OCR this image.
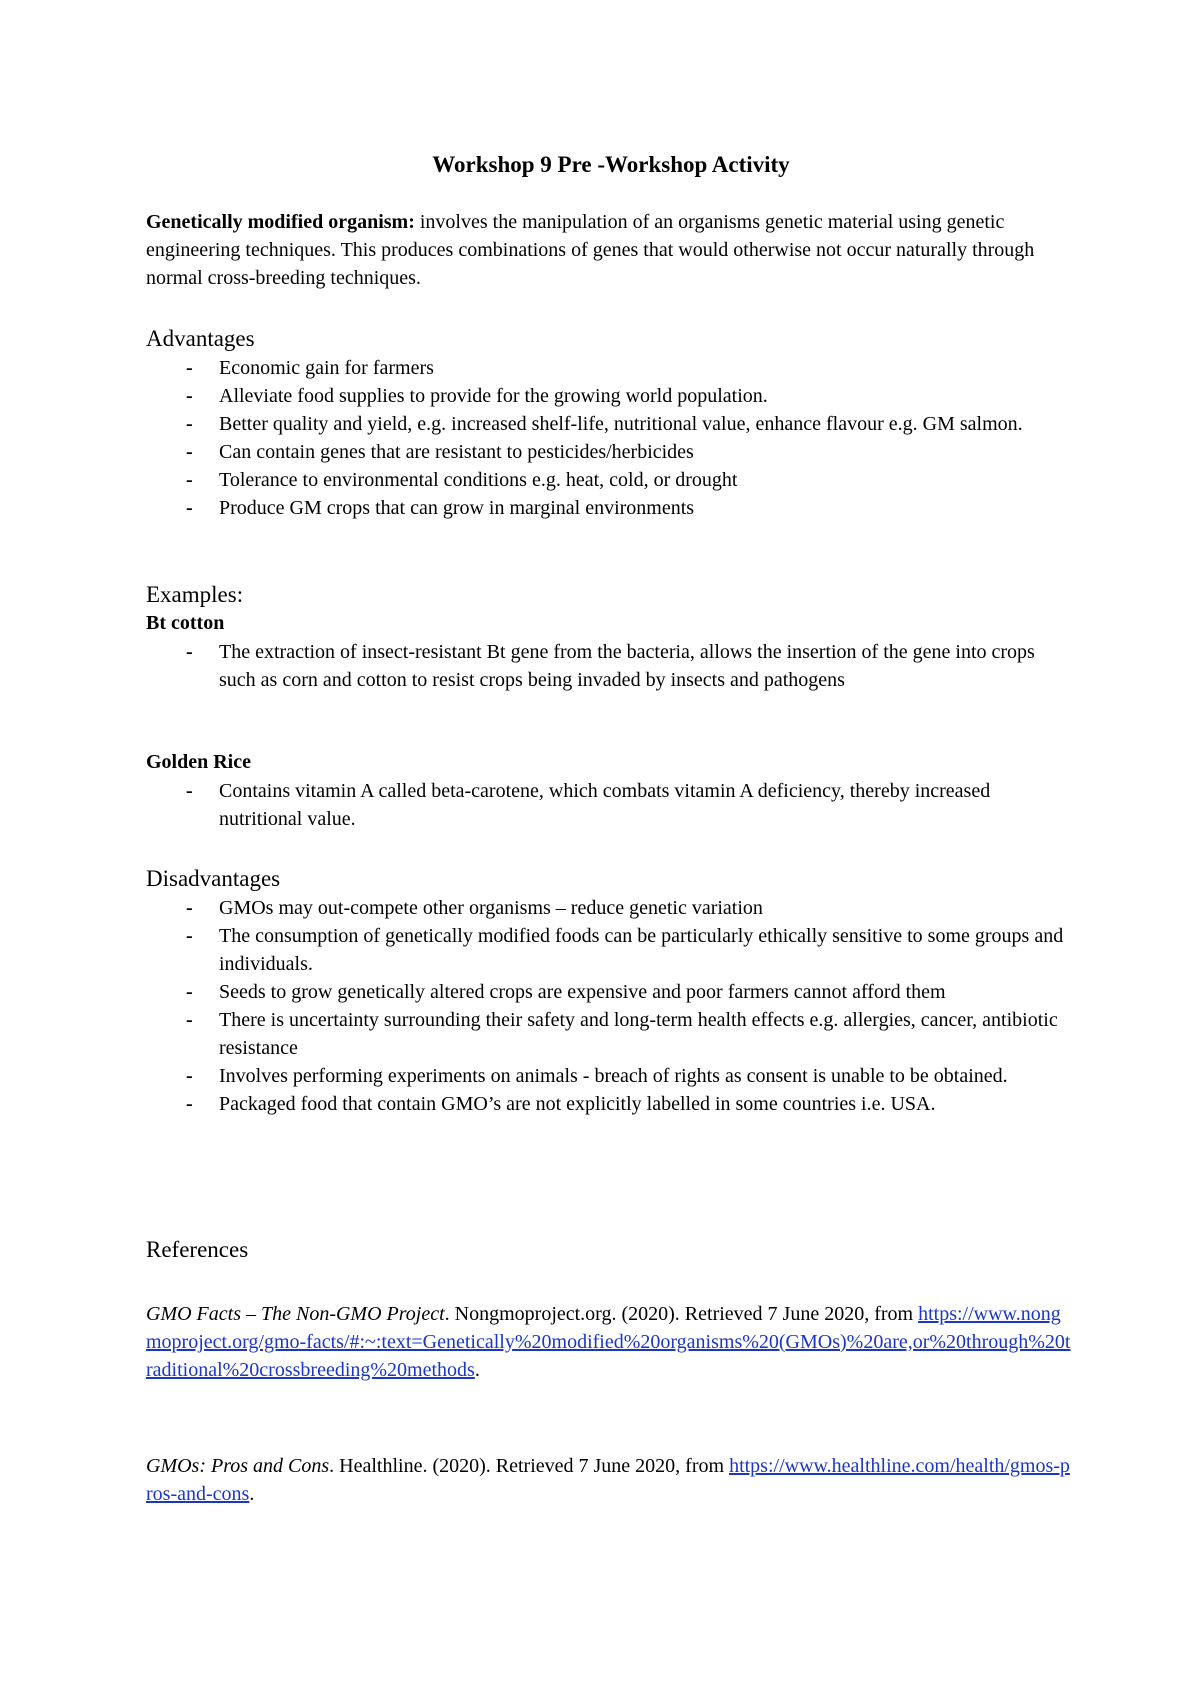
Workshop 9 Pre -Workshop Activity

Genetically modified organism: involves the manipulation of an organisms genetic material using genetic engineering techniques. This produces combinations of genes that would otherwise not occur naturally through normal cross-breeding techniques.

Advantages
- Economic gain for farmers
- Alleviate food supplies to provide for the growing world population.
- Better quality and yield, e.g. increased shelf-life, nutritional value, enhance flavour e.g. GM salmon.
- Can contain genes that are resistant to pesticides/herbicides
- Tolerance to environmental conditions e.g. heat, cold, or drought
- Produce GM crops that can grow in marginal environments
Examples:
Bt cotton
- The extraction of insect-resistant Bt gene from the bacteria, allows the insertion of the gene into crops such as corn and cotton to resist crops being invaded by insects and pathogens
Golden Rice
- Contains vitamin A called beta-carotene, which combats vitamin A deficiency, thereby increased nutritional value.
Disadvantages
- GMOs may out-compete other organisms – reduce genetic variation
- The consumption of genetically modified foods can be particularly ethically sensitive to some groups and individuals.
- Seeds to grow genetically altered crops are expensive and poor farmers cannot afford them
- There is uncertainty surrounding their safety and long-term health effects e.g. allergies, cancer, antibiotic resistance
- Involves performing experiments on animals - breach of rights as consent is unable to be obtained.
- Packaged food that contain GMO’s are not explicitly labelled in some countries i.e. USA.
References

GMO Facts – The Non-GMO Project. Nongmoproject.org. (2020). Retrieved 7 June 2020, from https://www.nongmoproject.org/gmo-facts/#:~:text=Genetically%20modified%20organisms%20(GMOs)%20are,or%20through%20traditional%20crossbreeding%20methods.

GMOs: Pros and Cons. Healthline. (2020). Retrieved 7 June 2020, from https://www.healthline.com/health/gmos-pros-and-cons.
